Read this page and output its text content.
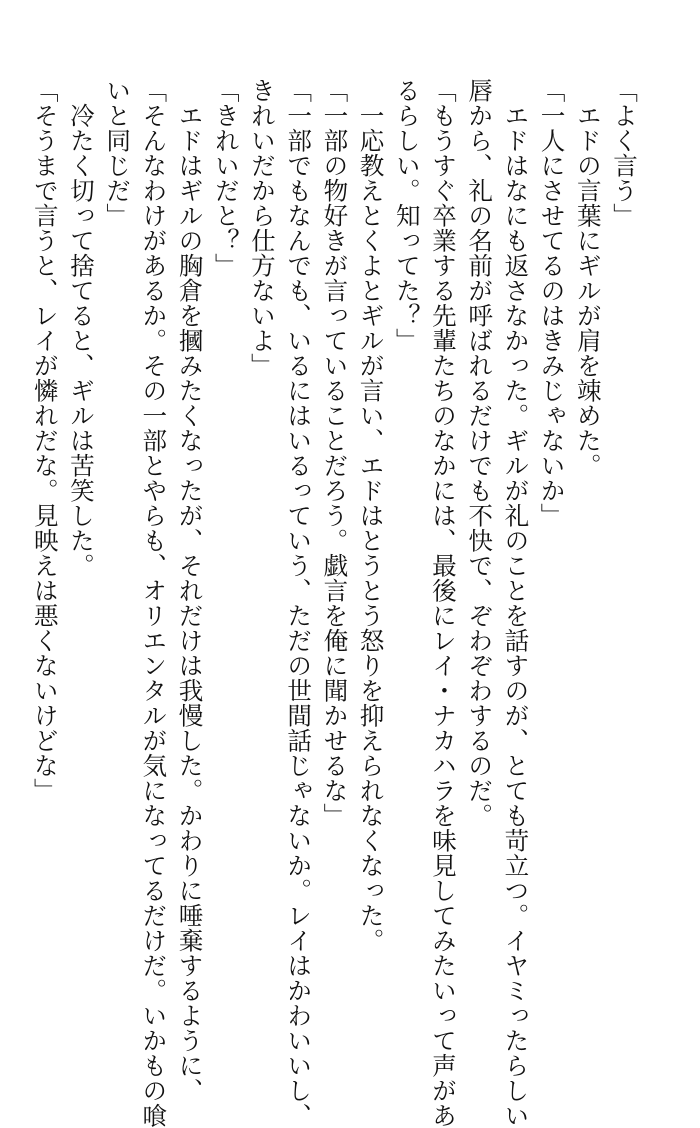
「よく言う」
　エドの言葉にギルが肩を竦めた。
「一人にさせてるのはきみじゃないか」
　エドはなにも返さなかった。ギルが礼のことを話すのが、とても苛立つ。イヤミったらしい
唇から、礼の名前が呼ばれるだけでも不快で、ぞわぞわするのだ。
「もうすぐ卒業する先輩たちのなかには、最後にレイ・ナカハラを味見してみたいって声があ
るらしい。知ってた？」
　一応教えとくよとギルが言い、エドはとうとう怒りを抑えられなくなった。
「一部の物好きが言っていることだろう。戯言を俺に聞かせるな」
「一部でもなんでも、いるにはいるっていう、ただの世間話じゃないか。レイはかわいいし、
きれいだから仕方ないよ」
「きれいだと？」
　エドはギルの胸倉を摑みたくなったが、それだけは我慢した。かわりに唾棄するように、
「そんなわけがあるか。その一部とやらも、オリエンタルが気になってるだけだ。いかもの喰
いと同じだ」
　冷たく切って捨てると、ギルは苦笑した。
「そうまで言うと、レイが憐れだな。見映えは悪くないけどな」
